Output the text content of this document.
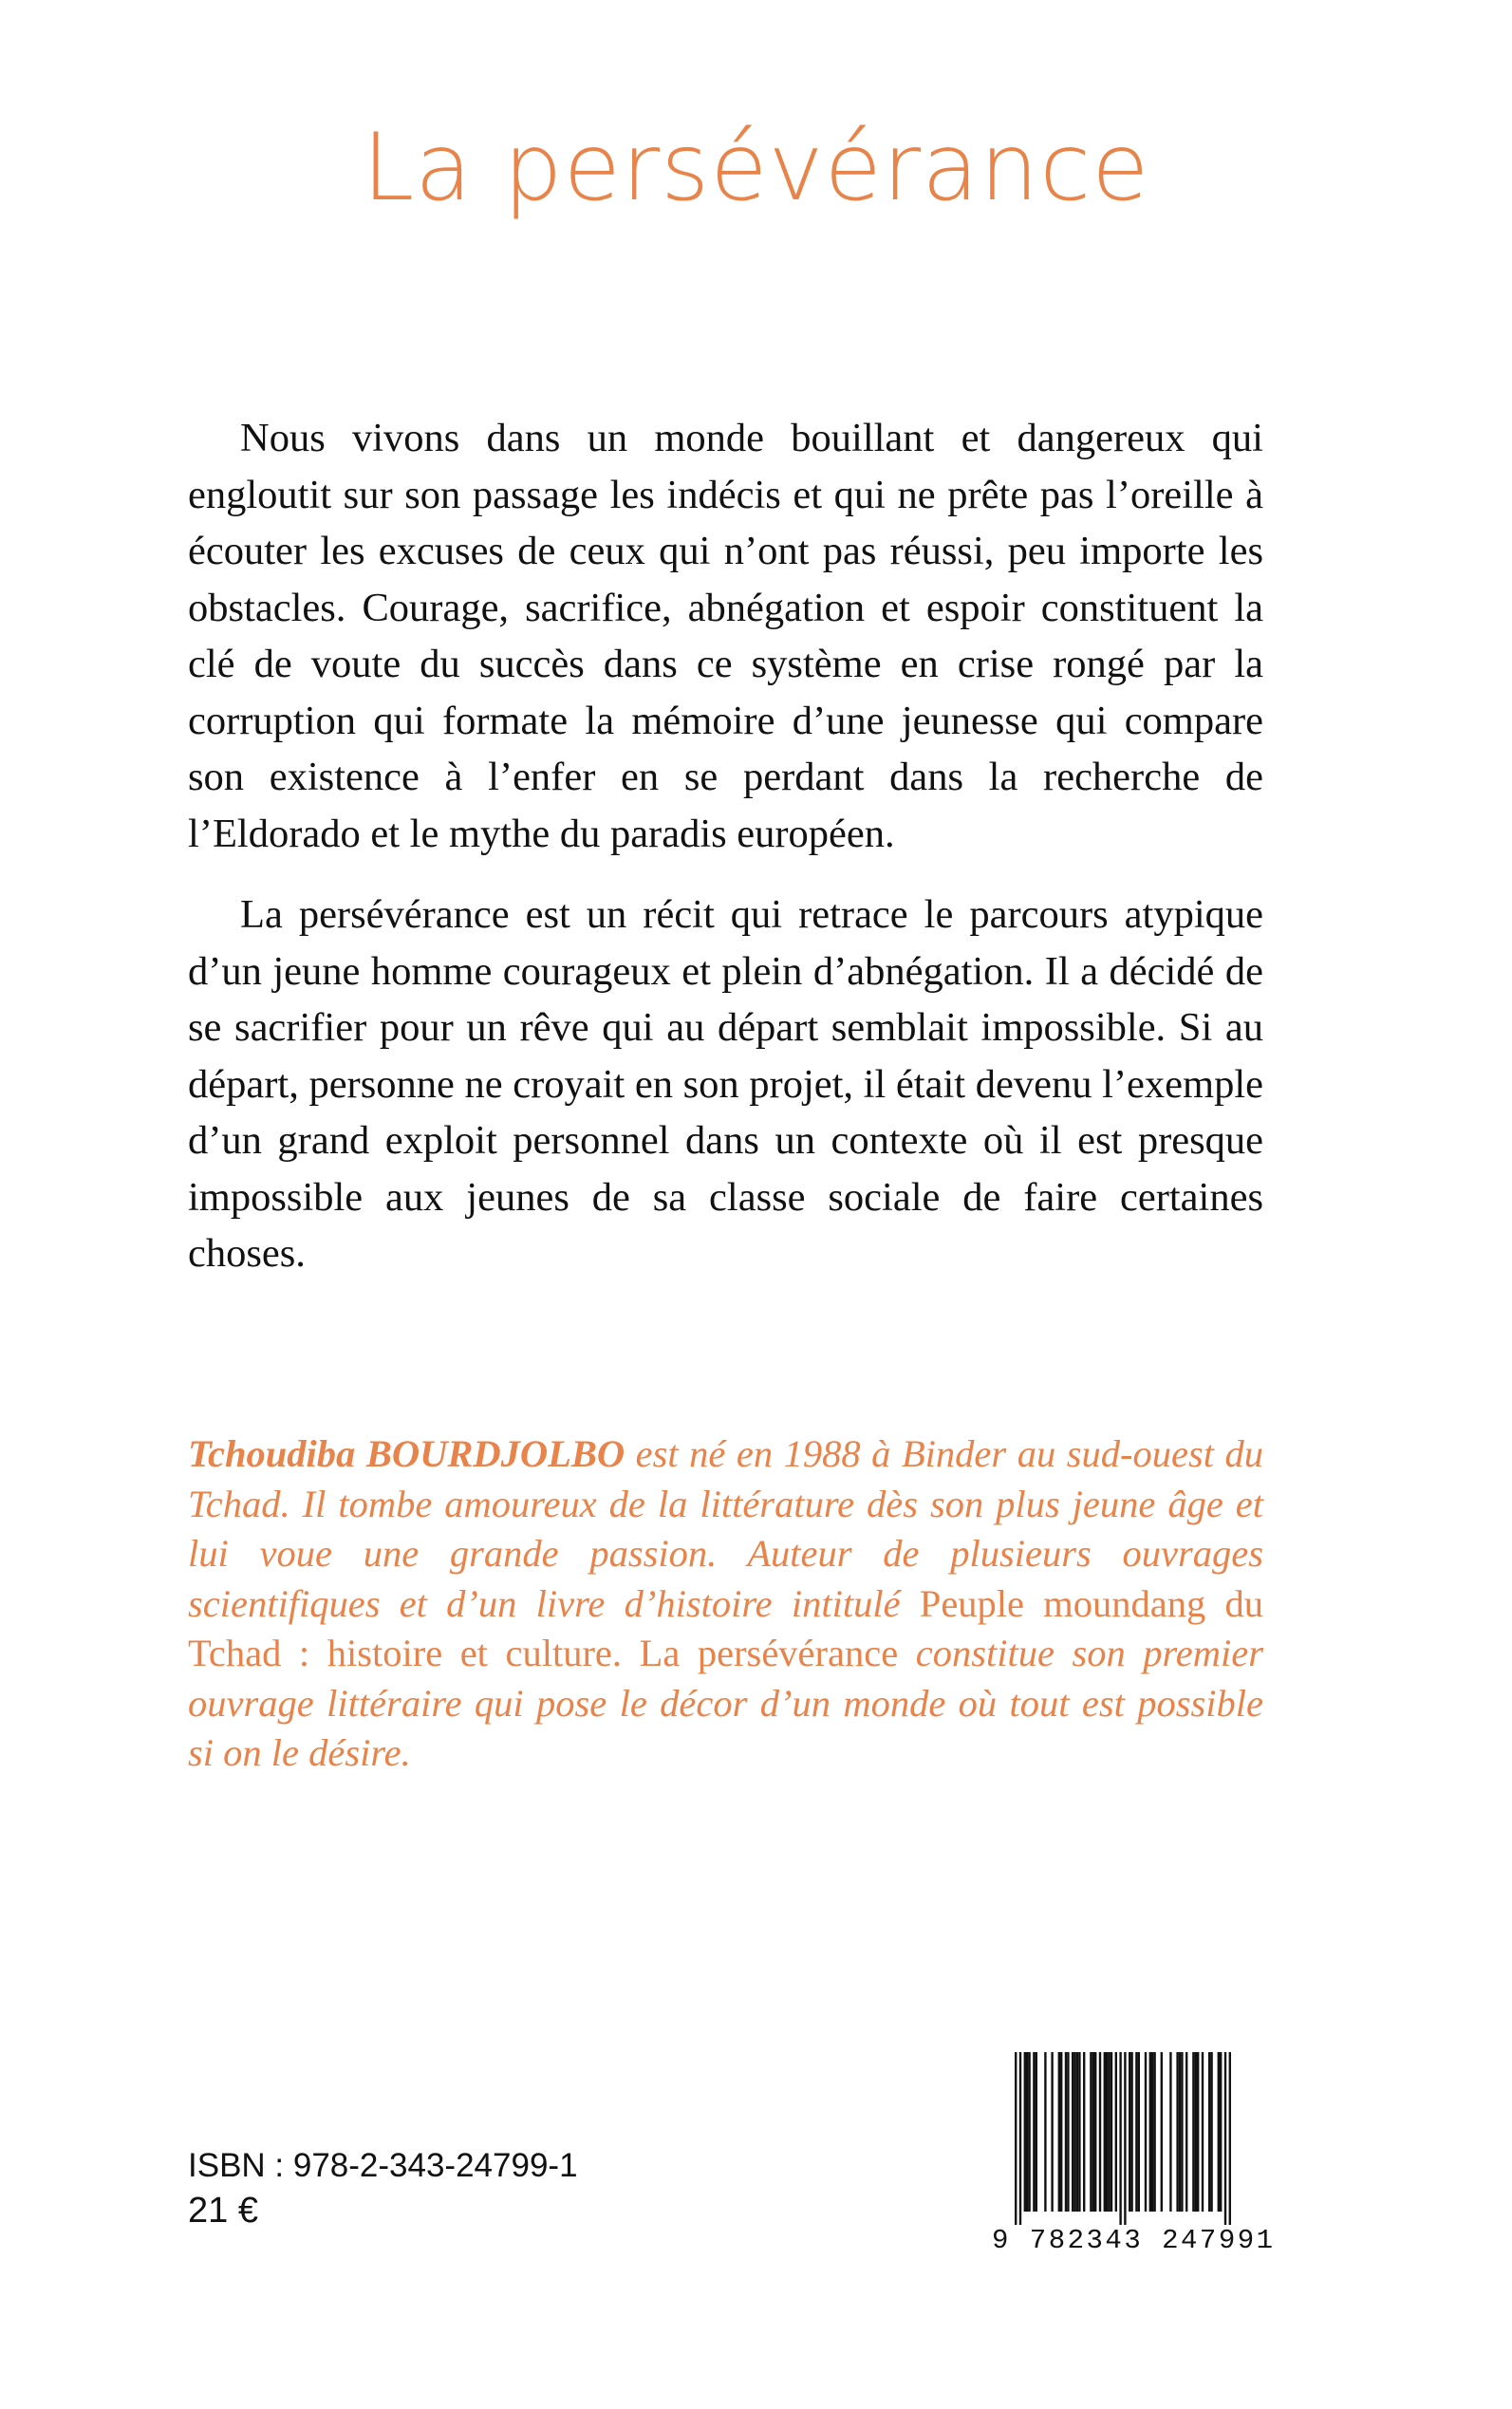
La persévérance

Nous vivons dans un monde bouillant et dangereux qui engloutit sur son passage les indécis et qui ne prête pas l’oreille à écouter les excuses de ceux qui n’ont pas réussi, peu importe les obstacles. Courage, sacrifice, abnégation et espoir constituent la clé de voute du succès dans ce système en crise rongé par la corruption qui formate la mémoire d’une jeunesse qui compare son existence à l’enfer en se perdant dans la recherche de l’Eldorado et le mythe du paradis européen.

La persévérance est un récit qui retrace le parcours atypique d’un jeune homme courageux et plein d’abnégation. Il a décidé de se sacrifier pour un rêve qui au départ semblait impossible. Si au départ, personne ne croyait en son projet, il était devenu l’exemple d’un grand exploit personnel dans un contexte où il est presque impossible aux jeunes de sa classe sociale de faire certaines choses.

Tchoudiba BOURDJOLBO est né en 1988 à Binder au sud-ouest du Tchad. Il tombe amoureux de la littérature dès son plus jeune âge et lui voue une grande passion. Auteur de plusieurs ouvrages scientifiques et d’un livre d’histoire intitulé Peuple moundang du Tchad : histoire et culture. La persévérance constitue son premier ouvrage littéraire qui pose le décor d’un monde où tout est possible si on le désire.

ISBN : 978-2-343-24799-1
21 €
9 782343 247991
